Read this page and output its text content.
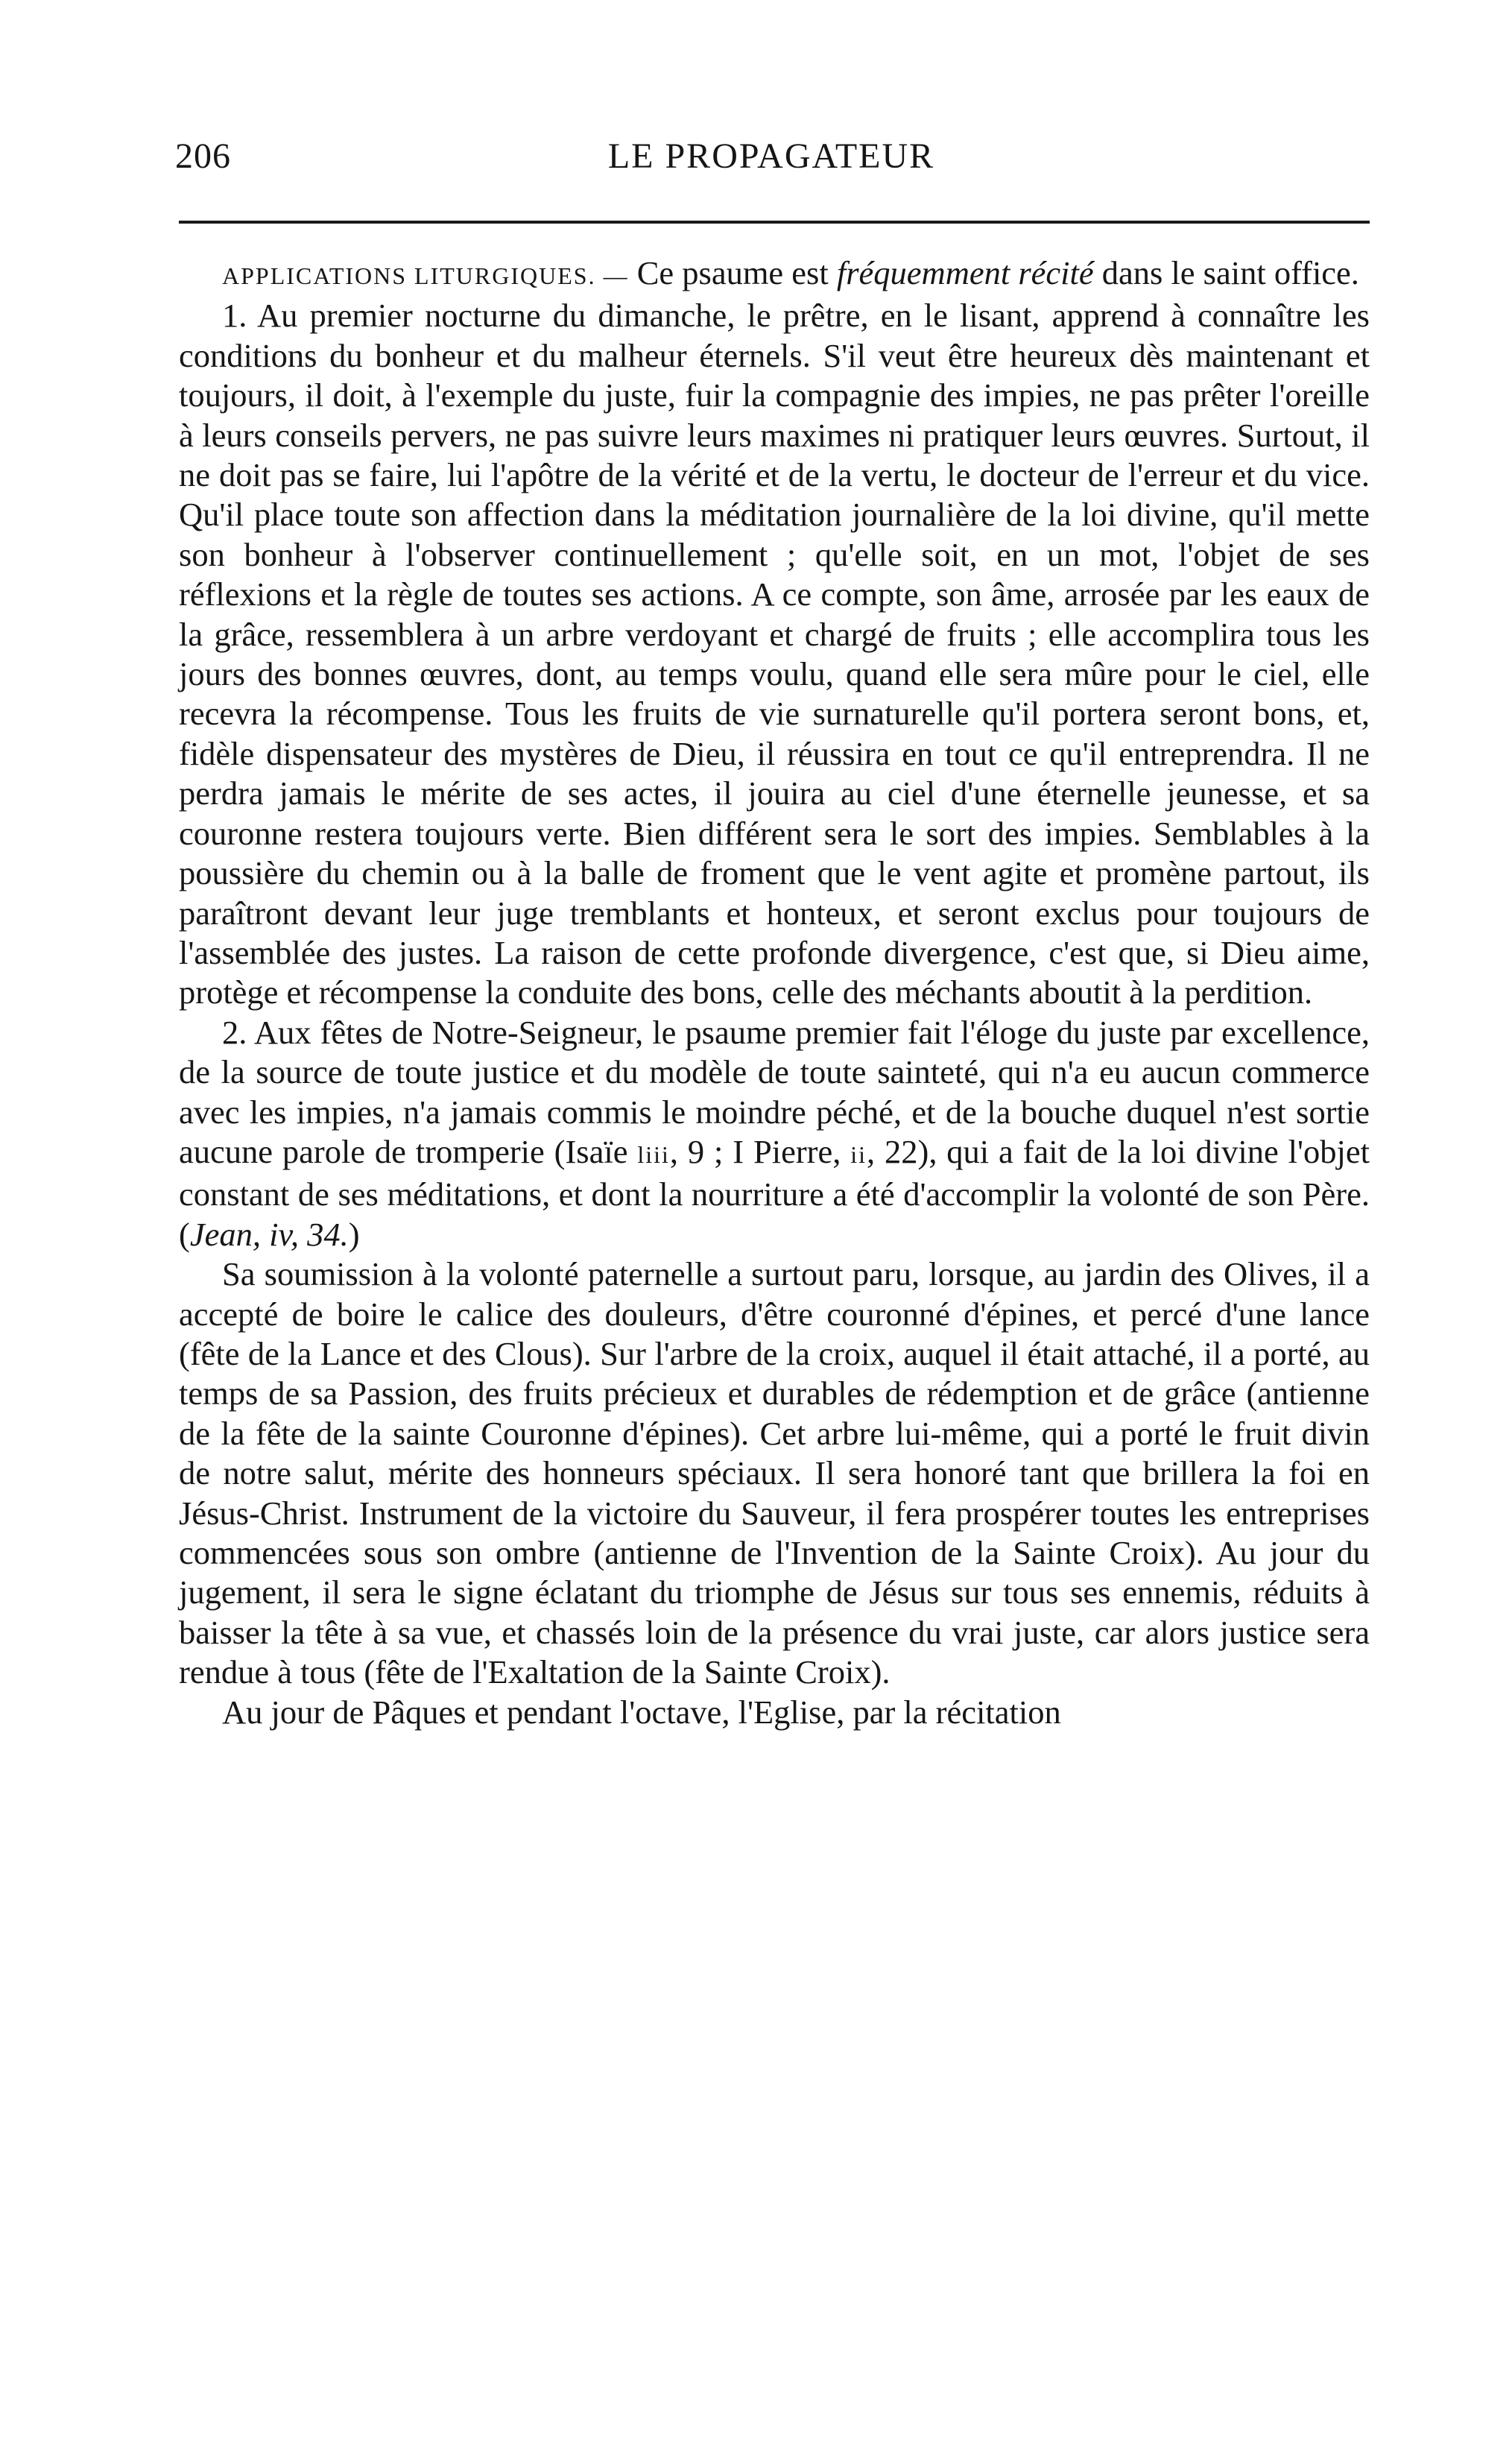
206	LE PROPAGATEUR

APPLICATIONS LITURGIQUES. — Ce psaume est fréquemment récité dans le saint office.

1. Au premier nocturne du dimanche, le prêtre, en le lisant, apprend à connaître les conditions du bonheur et du malheur éternels. S'il veut être heureux dès maintenant et toujours, il doit, à l'exemple du juste, fuir la compagnie des impies, ne pas prêter l'oreille à leurs conseils pervers, ne pas suivre leurs maximes ni pratiquer leurs œuvres. Surtout, il ne doit pas se faire, lui l'apôtre de la vérité et de la vertu, le docteur de l'erreur et du vice. Qu'il place toute son affection dans la méditation journalière de la loi divine, qu'il mette son bonheur à l'observer continuellement ; qu'elle soit, en un mot, l'objet de ses réflexions et la règle de toutes ses actions. A ce compte, son âme, arrosée par les eaux de la grâce, ressemblera à un arbre verdoyant et chargé de fruits ; elle accomplira tous les jours des bonnes œuvres, dont, au temps voulu, quand elle sera mûre pour le ciel, elle recevra la récompense. Tous les fruits de vie surnaturelle qu'il portera seront bons, et, fidèle dispensateur des mystères de Dieu, il réussira en tout ce qu'il entreprendra. Il ne perdra jamais le mérite de ses actes, il jouira au ciel d'une éternelle jeunesse, et sa couronne restera toujours verte. Bien différent sera le sort des impies. Semblables à la poussière du chemin ou à la balle de froment que le vent agite et promène partout, ils paraîtront devant leur juge tremblants et honteux, et seront exclus pour toujours de l'assemblée des justes. La raison de cette profonde divergence, c'est que, si Dieu aime, protège et récompense la conduite des bons, celle des méchants aboutit à la perdition.

2. Aux fêtes de Notre-Seigneur, le psaume premier fait l'éloge du juste par excellence, de la source de toute justice et du modèle de toute sainteté, qui n'a eu aucun commerce avec les impies, n'a jamais commis le moindre péché, et de la bouche duquel n'est sortie aucune parole de tromperie (Isaïe liii, 9 ; I Pierre, ii, 22), qui a fait de la loi divine l'objet constant de ses méditations, et dont la nourriture a été d'accomplir la volonté de son Père. (Jean, iv, 34.)

Sa soumission à la volonté paternelle a surtout paru, lorsque, au jardin des Olives, il a accepté de boire le calice des douleurs, d'être couronné d'épines, et percé d'une lance (fête de la Lance et des Clous). Sur l'arbre de la croix, auquel il était attaché, il a porté, au temps de sa Passion, des fruits précieux et durables de rédemption et de grâce (antienne de la fête de la sainte Couronne d'épines). Cet arbre lui-même, qui a porté le fruit divin de notre salut, mérite des honneurs spéciaux. Il sera honoré tant que brillera la foi en Jésus-Christ. Instrument de la victoire du Sauveur, il fera prospérer toutes les entreprises commencées sous son ombre (antienne de l'Invention de la Sainte Croix). Au jour du jugement, il sera le signe éclatant du triomphe de Jésus sur tous ses ennemis, réduits à baisser la tête à sa vue, et chassés loin de la présence du vrai juste, car alors justice sera rendue à tous (fête de l'Exaltation de la Sainte Croix).

Au jour de Pâques et pendant l'octave, l'Eglise, par la récitation
